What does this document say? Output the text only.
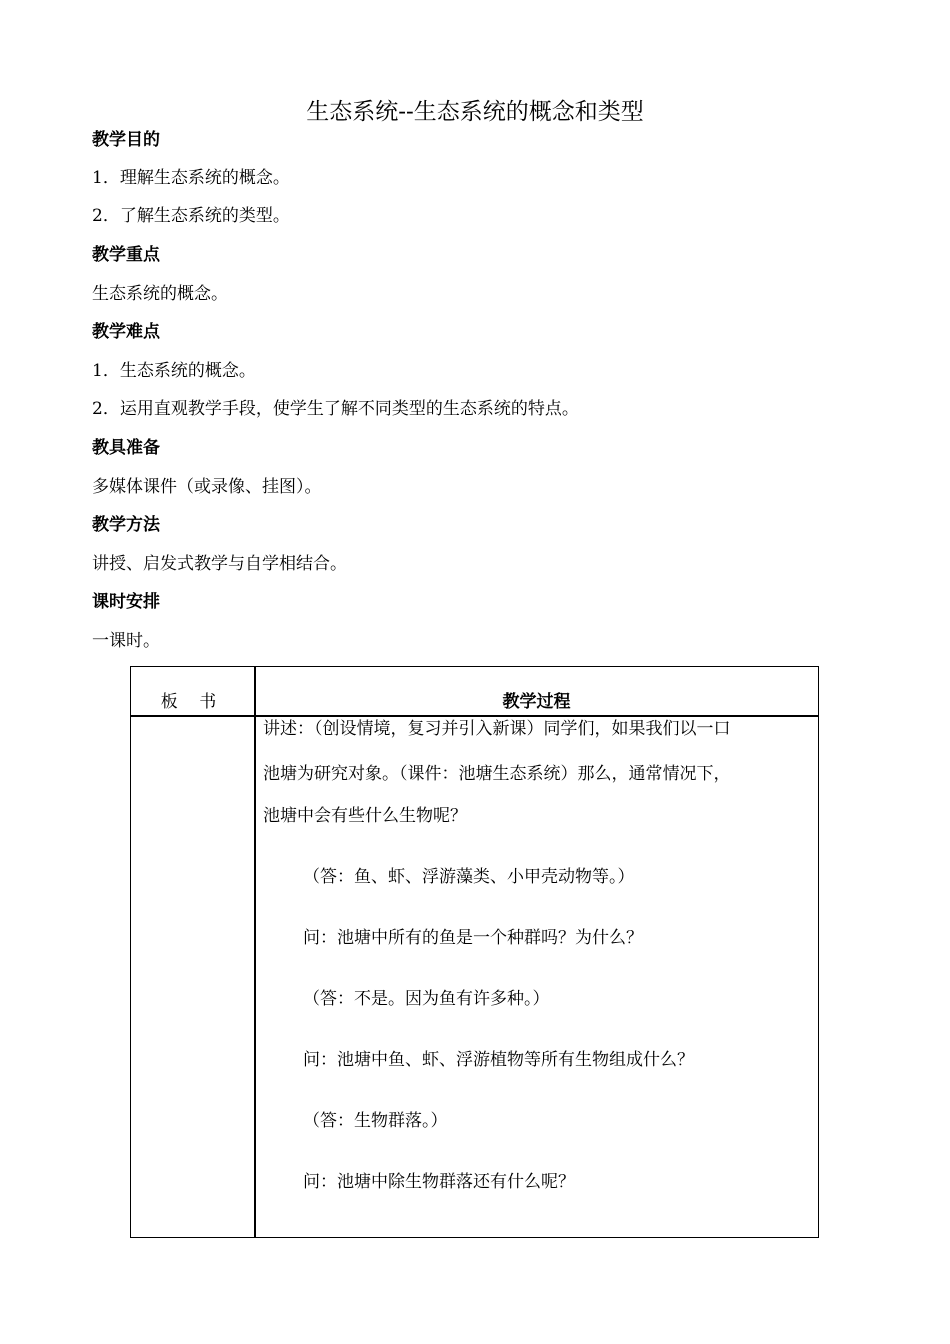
生态系统--生态系统的概念和类型
教学目的
1．理解生态系统的概念。
2．了解生态系统的类型。
教学重点
生态系统的概念。
教学难点
1．生态系统的概念。
2．运用直观教学手段，使学生了解不同类型的生态系统的特点。
教具准备
多媒体课件（或录像、挂图）。
教学方法
讲授、启发式教学与自学相结合。
课时安排
一课时。
板 书	教学过程
讲述：（创设情境，复习并引入新课）同学们，如果我们以一口
池塘为研究对象。（课件：池塘生态系统）那么，通常情况下，
池塘中会有些什么生物呢？
（答：鱼、虾、浮游藻类、小甲壳动物等。）
问：池塘中所有的鱼是一个种群吗？为什么？
（答：不是。因为鱼有许多种。）
问：池塘中鱼、虾、浮游植物等所有生物组成什么？
（答：生物群落。）
问：池塘中除生物群落还有什么呢？
